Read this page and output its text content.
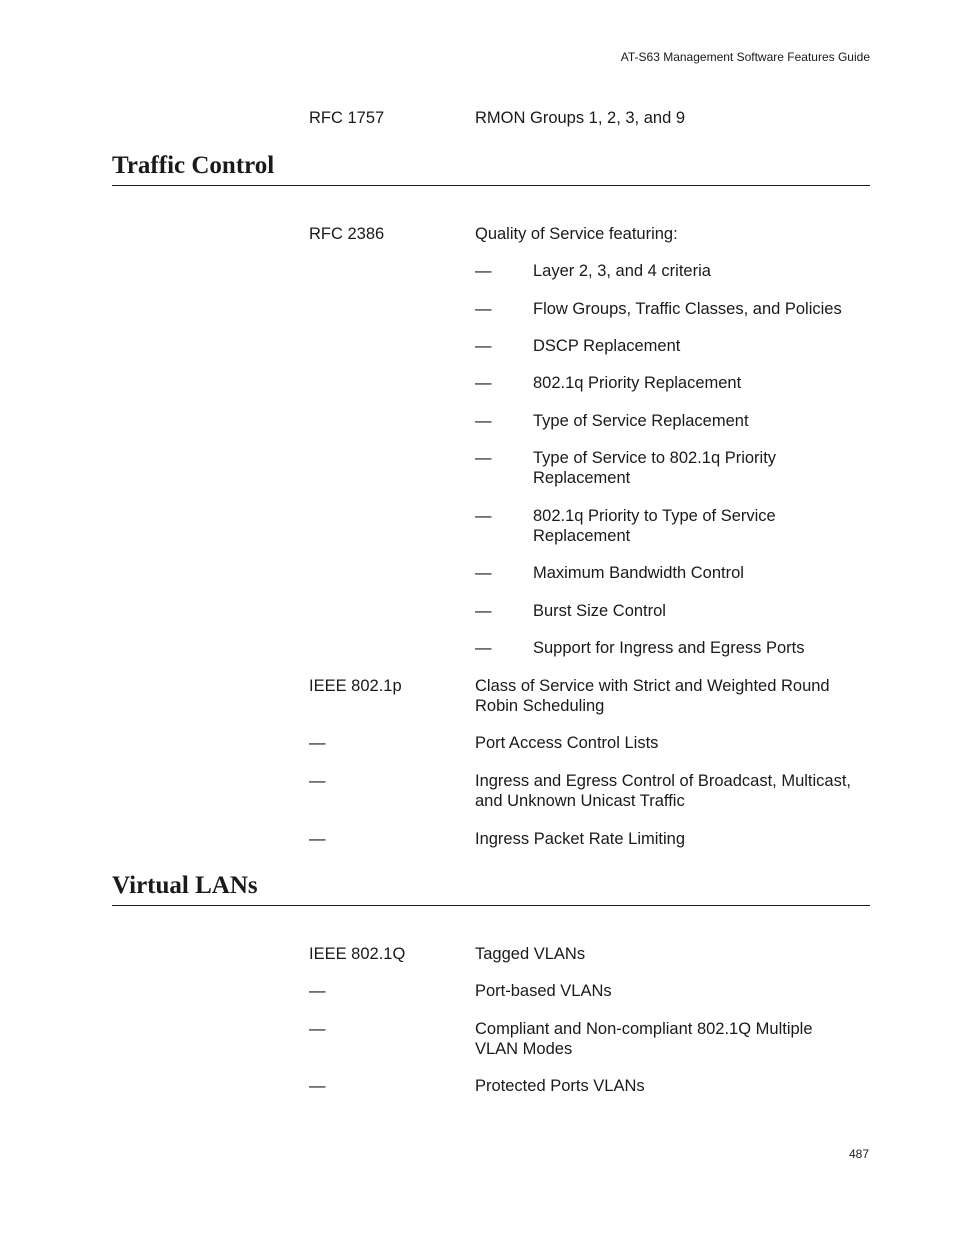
AT-S63 Management Software Features Guide
RFC 1757	RMON Groups 1, 2, 3, and 9
Traffic Control
RFC 2386	Quality of Service featuring:
—	Layer 2, 3, and 4 criteria
—	Flow Groups, Traffic Classes, and Policies
—	DSCP Replacement
—	802.1q Priority Replacement
—	Type of Service Replacement
—	Type of Service to 802.1q Priority
Replacement
—	802.1q Priority to Type of Service
Replacement
—	Maximum Bandwidth Control
—	Burst Size Control
—	Support for Ingress and Egress Ports
IEEE 802.1p	Class of Service with Strict and Weighted Round
Robin Scheduling
—	Port Access Control Lists
—	Ingress and Egress Control of Broadcast, Multicast,
and Unknown Unicast Traffic
—	Ingress Packet Rate Limiting
Virtual LANs
IEEE 802.1Q	Tagged VLANs
—	Port-based VLANs
—	Compliant and Non-compliant 802.1Q Multiple
VLAN Modes
—	Protected Ports VLANs
487
